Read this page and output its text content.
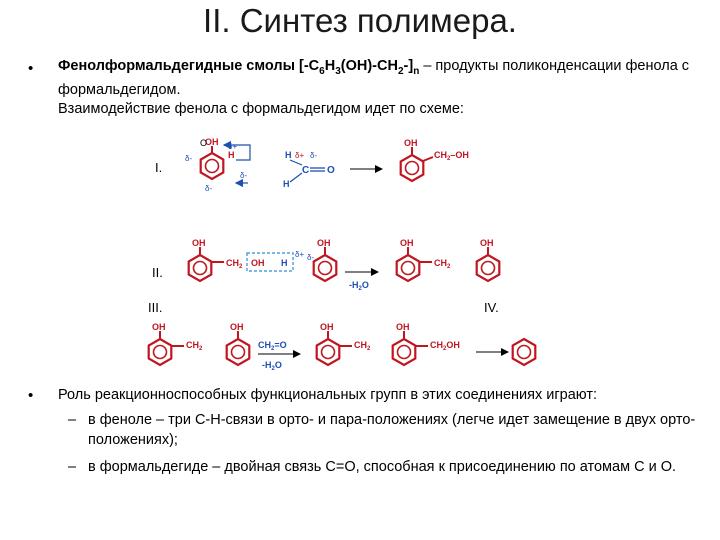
II. Синтез полимера.
• Фенолформальдегидные смолы $[-С_6Н_3(ОН)-СН_2-]_n$ – продукты поликонденсации фенола с формальдегидом.
Взаимодействие фенола с формальдегидом идет по схеме:
I.
OH
O
H
δ+
δ-
δ-
δ-
H δ+ δ-
C O
H
OH
$CH_2-OH$
II.
OH
$CH_2$ OH H
δ+ δ-
OH
$-H_2O$
OH
$CH_2$
OH
III.	IV.
OH
$CH_2$
OH
$CH_2=O$
$-H_2O$
OH
$CH_2$
OH
$CH_2OH$
• Роль реакционноспособных функциональных групп в этих соединениях играют:
– в феноле – три С-Н-связи в орто- и пара-положениях (легче идет замещение в двух орто-положениях);
– в формальдегиде – двойная связь С=О, способная к присоединению по атомам С и О.
